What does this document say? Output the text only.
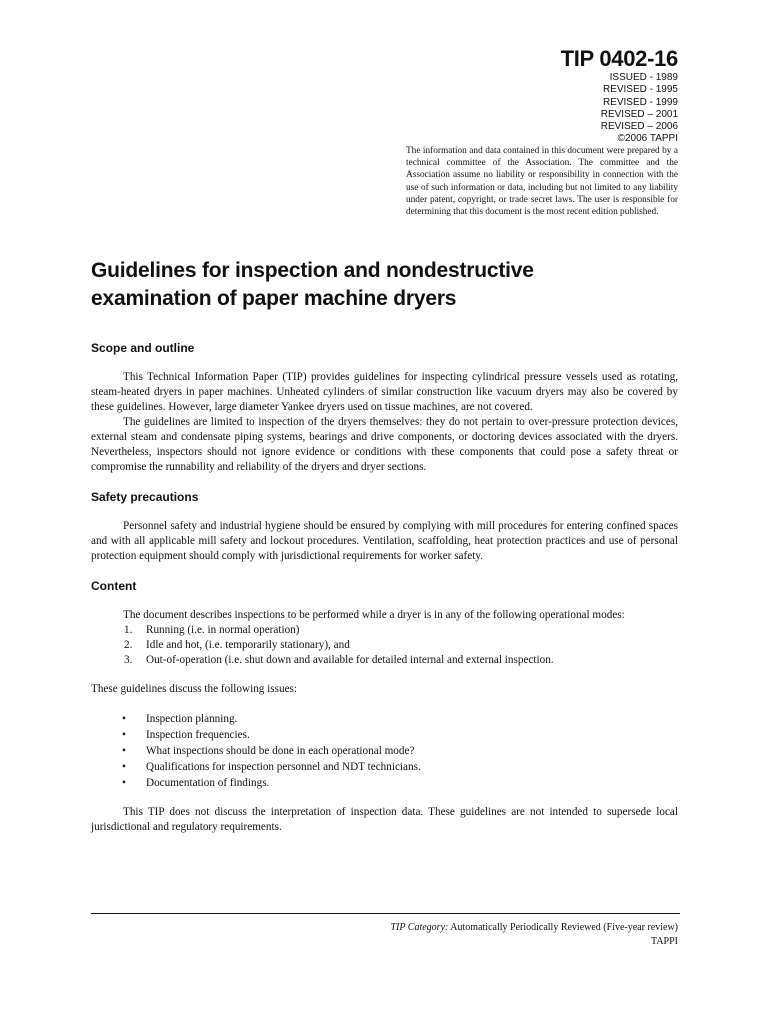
TIP 0402-16
ISSUED - 1989
REVISED - 1995
REVISED - 1999
REVISED – 2001
REVISED – 2006
©2006 TAPPI
The information and data contained in this document were prepared by a technical committee of the Association. The committee and the Association assume no liability or responsibility in connection with the use of such information or data, including but not limited to any liability under patent, copyright, or trade secret laws. The user is responsible for determining that this document is the most recent edition published.
Guidelines for inspection and nondestructive
examination of paper machine dryers
Scope and outline

This Technical Information Paper (TIP) provides guidelines for inspecting cylindrical pressure vessels used as rotating, steam-heated dryers in paper machines. Unheated cylinders of similar construction like vacuum dryers may also be covered by these guidelines. However, large diameter Yankee dryers used on tissue machines, are not covered.

The guidelines are limited to inspection of the dryers themselves: they do not pertain to over-pressure protection devices, external steam and condensate piping systems, bearings and drive components, or doctoring devices associated with the dryers. Nevertheless, inspectors should not ignore evidence or conditions with these components that could pose a safety threat or compromise the runnability and reliability of the dryers and dryer sections.

Safety precautions

Personnel safety and industrial hygiene should be ensured by complying with mill procedures for entering confined spaces and with all applicable mill safety and lockout procedures. Ventilation, scaffolding, heat protection practices and use of personal protection equipment should comply with jurisdictional requirements for worker safety.

Content

The document describes inspections to be performed while a dryer is in any of the following operational modes:

1. Running (i.e. in normal operation)
2. Idle and hot, (i.e. temporarily stationary), and
3. Out-of-operation (i.e. shut down and available for detailed internal and external inspection.

These guidelines discuss the following issues:

• Inspection planning.
• Inspection frequencies.
• What inspections should be done in each operational mode?
• Qualifications for inspection personnel and NDT technicians.
• Documentation of findings.

This TIP does not discuss the interpretation of inspection data. These guidelines are not intended to supersede local jurisdictional and regulatory requirements.

TIP Category: Automatically Periodically Reviewed (Five-year review)
TAPPI
